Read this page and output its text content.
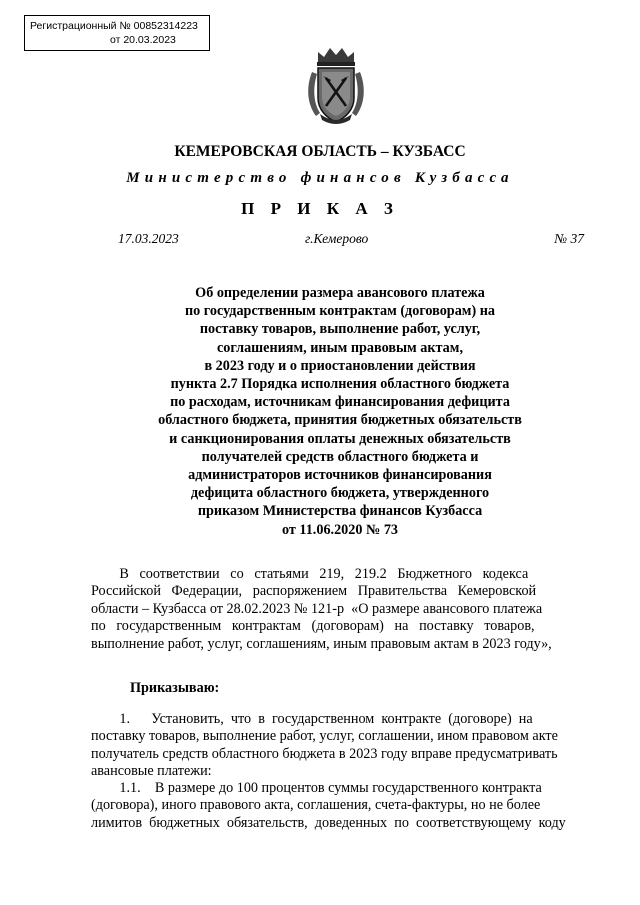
Регистрационный № 00852314223
от 20.03.2023
КЕМЕРОВСКАЯ ОБЛАСТЬ – КУЗБАСС
Министерство финансов Кузбасса
П Р И К А З
17.03.2023	г.Кемерово	№ 37
Об определении размера авансового платежа
по государственным контрактам (договорам) на
поставку товаров, выполнение работ, услуг,
соглашениям, иным правовым актам,
в 2023 году и о приостановлении действия
пункта 2.7 Порядка исполнения областного бюджета
по расходам, источникам финансирования дефицита
областного бюджета, принятия бюджетных обязательств
и санкционирования оплаты денежных обязательств
получателей средств областного бюджета и
администраторов источников финансирования
дефицита областного бюджета, утвержденного
приказом Министерства финансов Кузбасса
от 11.06.2020 № 73
В   соответствии   со   статьями   219,   219.2   Бюджетного   кодекса
Российской   Федерации,   распоряжением   Правительства   Кемеровской
области – Кузбасса от 28.02.2023 № 121-р  «О размере авансового платежа
по   государственным   контрактам   (договорам)   на   поставку   товаров,
выполнение работ, услуг, соглашениям, иным правовым актам в 2023 году»,
Приказываю:
1.      Установить,  что  в  государственном  контракте  (договоре)  на
поставку товаров, выполнение работ, услуг, соглашении, ином правовом акте
получатель средств областного бюджета в 2023 году вправе предусматривать
авансовые платежи:
1.1.    В размере до 100 процентов суммы государственного контракта
(договора), иного правового акта, соглашения, счета-фактуры, но не более
лимитов  бюджетных  обязательств,  доведенных  по  соответствующему  коду
